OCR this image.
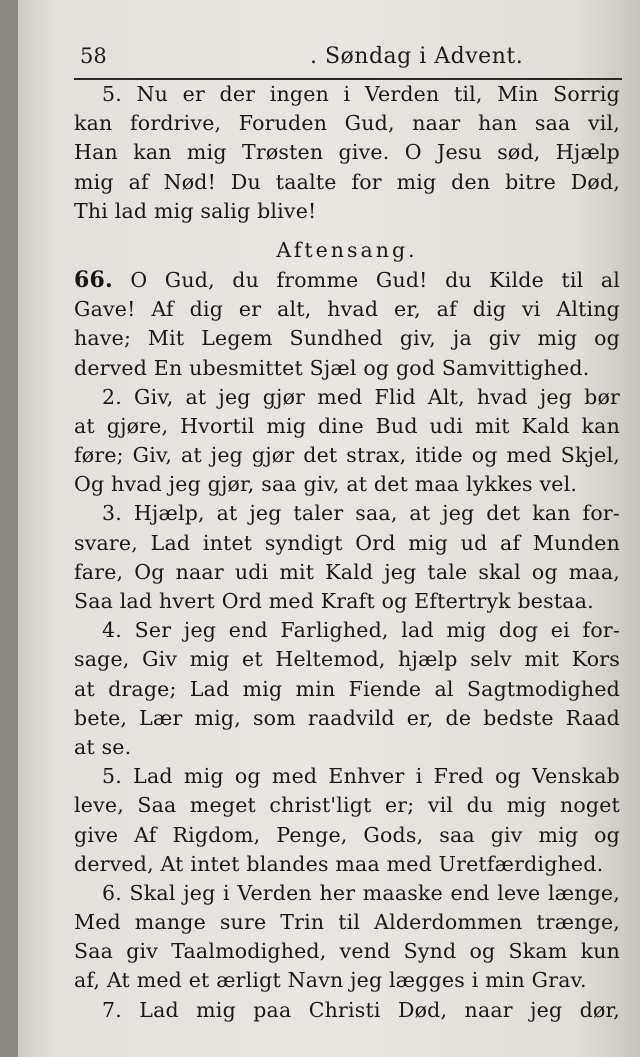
58	. Søndag i Advent.
5. Nu er der ingen i Verden til, Min Sorrig
kan fordrive, Foruden Gud, naar han saa vil,
Han kan mig Trøsten give. O Jesu sød, Hjælp
mig af Nød! Du taalte for mig den bitre Død,
Thi lad mig salig blive!
Aftensang.
66. O Gud, du fromme Gud! du Kilde til al
Gave! Af dig er alt, hvad er, af dig vi Alting
have; Mit Legem Sundhed giv, ja giv mig og
derved En ubesmittet Sjæl og god Samvittighed.
2. Giv, at jeg gjør med Flid Alt, hvad jeg bør
at gjøre, Hvortil mig dine Bud udi mit Kald kan
føre; Giv, at jeg gjør det strax, itide og med Skjel,
Og hvad jeg gjør, saa giv, at det maa lykkes vel.
3. Hjælp, at jeg taler saa, at jeg det kan for-
svare, Lad intet syndigt Ord mig ud af Munden
fare, Og naar udi mit Kald jeg tale skal og maa,
Saa lad hvert Ord med Kraft og Eftertryk bestaa.
4. Ser jeg end Farlighed, lad mig dog ei for-
sage, Giv mig et Heltemod, hjælp selv mit Kors
at drage; Lad mig min Fiende al Sagtmodighed
bete, Lær mig, som raadvild er, de bedste Raad
at se.
5. Lad mig og med Enhver i Fred og Venskab
leve, Saa meget christ'ligt er; vil du mig noget
give Af Rigdom, Penge, Gods, saa giv mig og
derved, At intet blandes maa med Uretfærdighed.
6. Skal jeg i Verden her maaske end leve længe,
Med mange sure Trin til Alderdommen trænge,
Saa giv Taalmodighed, vend Synd og Skam kun
af, At med et ærligt Navn jeg lægges i min Grav.
7. Lad mig paa Christi Død, naar jeg dør,
